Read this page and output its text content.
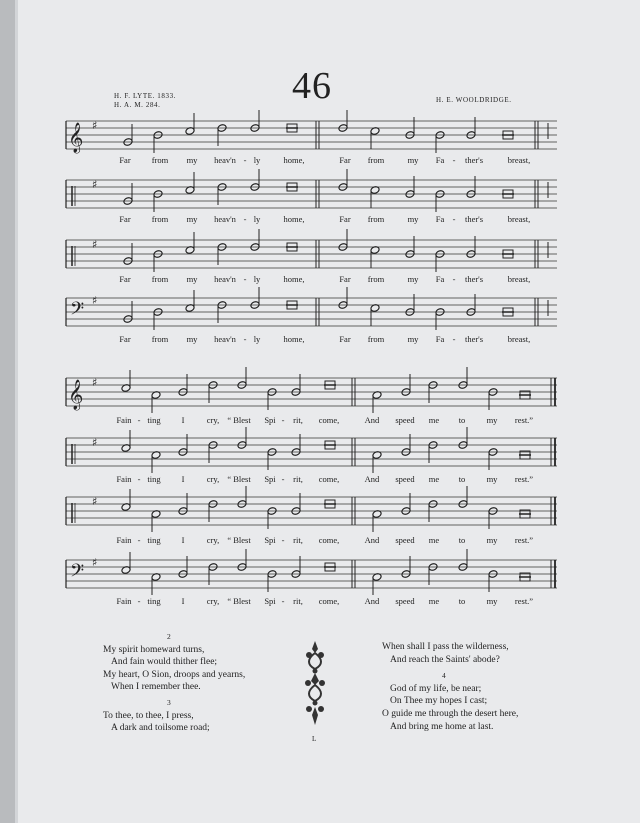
46
H. F. LYTE. 1833.
H. A. M. 284.
H. E. WOOLDRIDGE.
𝄞 ♯
Far from my heav'n - ly	home,	Far from	my Fa - ther's	breast,
♯
Far from my heav'n - ly	home,	Far from	my Fa - ther's	breast,
♯
Far from my heav'n - ly	home,	Far from	my Fa - ther's	breast,
𝄢 ♯
Far from my heav'n - ly	home,	Far from	my Fa - ther's	breast,
𝄞 ♯
Fain - ting I	cry, “ Blest Spi - rit, come,	And speed me to	my rest.”
♯
Fain - ting I	cry, “ Blest Spi - rit, come,	And speed me to	my rest.”
♯
Fain - ting I	cry, “ Blest Spi - rit, come,	And speed me to	my rest.”
𝄢 ♯
Fain - ting I	cry, “ Blest Spi - rit, come,	And speed me to	my rest.”
2
My spirit homeward turns,
And fain would thither flee;
My heart, O Sion, droops and yearns,
When I remember thee.
3
To thee, to thee, I press,
A dark and toilsome road;
When shall I pass the wilderness,
And reach the Saints' abode?
4
God of my life, be near;
On Thee my hopes I cast;
O guide me through the desert here,
And bring me home at last.
L
